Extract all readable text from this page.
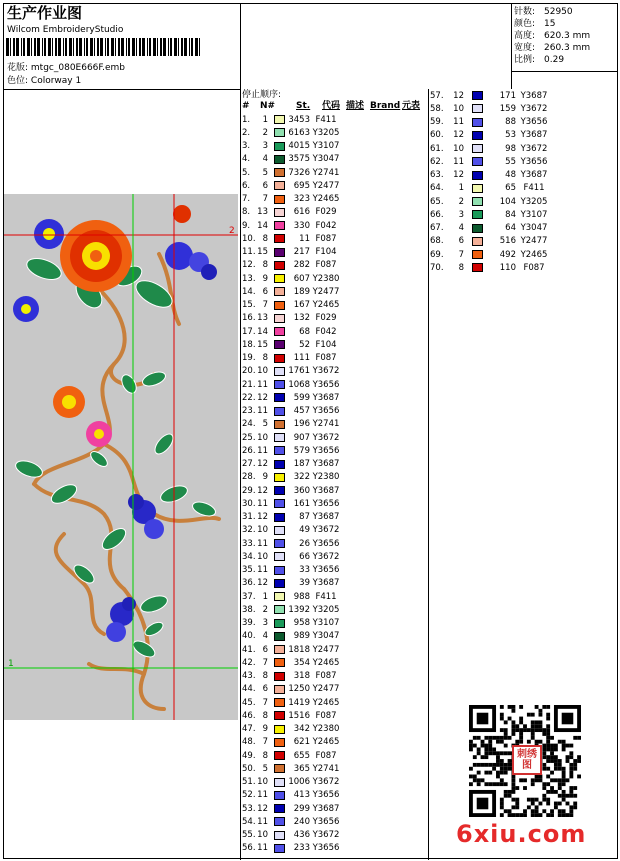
生产作业图
Wilcom EmbroideryStudio
花版: mtgc_080E666F.emb
色位: Colorway 1
针数: 52950
颜色: 15
高度: 620.3 mm
宽度: 260.3 mm
比例: 0.29
停止顺序:
# N# St. 代码 描述 Brand 元表
1.	1 3453 F411
2.	2 6163 Y3205
3.	3 4015 Y3107
4.	4 3575 Y3047
5.	5 7326 Y2741
6.	6	695 Y2477
7.	7	323 Y2465
8. 13	616 F029
9. 14	330 F042
10. 8	11 F087
11. 15	217 F104
12. 8	282 F087
13. 9	607 Y2380
14. 6	189 Y2477
15. 7	167 Y2465
16. 13	132 F029
17. 14	68 F042
18. 15	52 F104
19. 8	111 F087
20. 10 1761 Y3672
21. 11 1068 Y3656
22. 12	599 Y3687
23. 11	457 Y3656
24. 5	196 Y2741
25. 10	907 Y3672
26. 11	579 Y3656
27. 12	187 Y3687
28. 9	322 Y2380
29. 12	360 Y3687
30. 11	161 Y3656
31. 12	87 Y3687
32. 10	49 Y3672
33. 11	26 Y3656
34. 10	66 Y3672
35. 11	33 Y3656
36. 12	39 Y3687
37. 1	988 F411
38. 2 1392 Y3205
39. 3	958 Y3107
40. 4	989 Y3047
41. 6 1818 Y2477
42. 7	354 Y2465
43. 8	318 F087
44. 6 1250 Y2477
45. 7 1419 Y2465
46. 8 1516 F087
47. 9	342 Y2380
48. 7	621 Y2465
49. 8	655 F087
50. 5	365 Y2741
51. 10 1006 Y3672
52. 11	413 Y3656
53. 12	299 Y3687
54. 11	240 Y3656
55. 10	436 Y3672
56. 11	233 Y3656
57.	12	171 Y3687
58.	10	159 Y3672
59.	11	88 Y3656
60.	12	53 Y3687
61.	10	98 Y3672
62.	11	55 Y3656
63.	12	48 Y3687
64.	1	65 F411
65.	2	104 Y3205
66.	3	84 Y3107
67.	4	64 Y3047
68.	6	516 Y2477
69.	7	492 Y2465
70.	8	110 F087
2
1
刺绣图
6xiu.com
